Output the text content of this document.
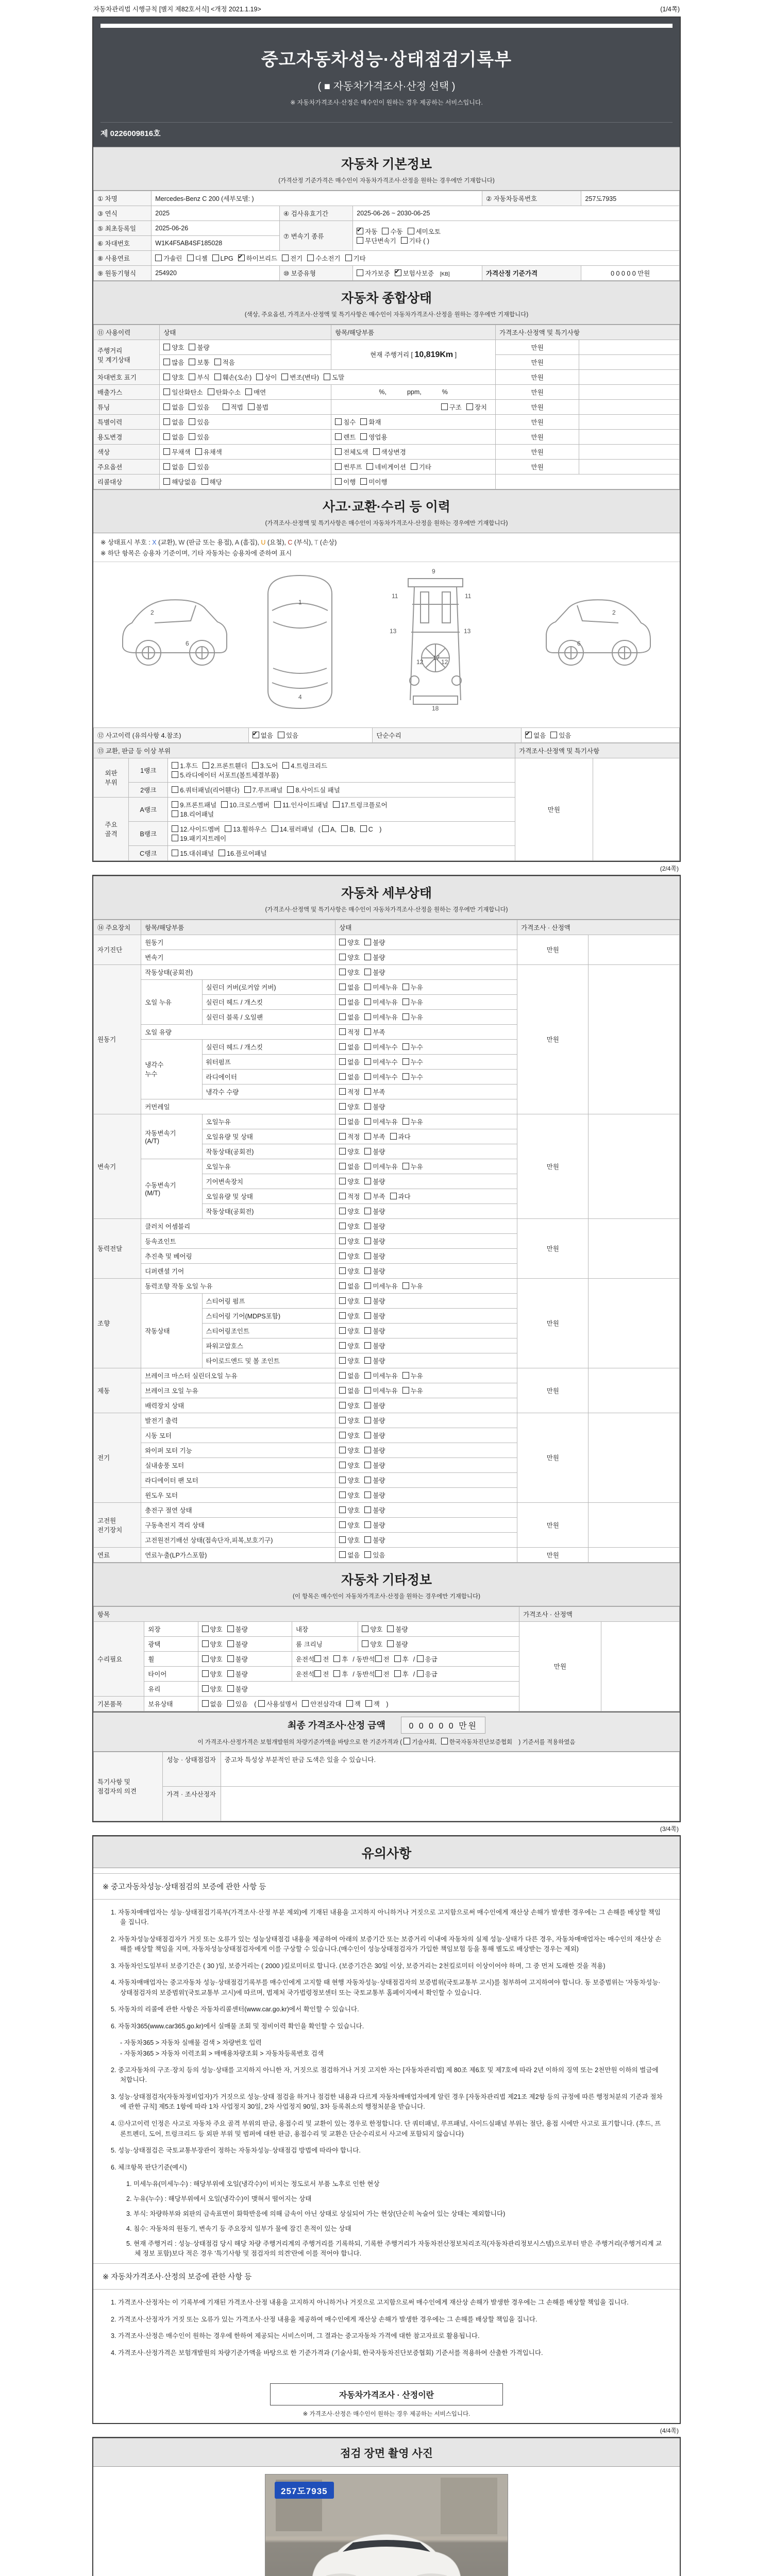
자동차관리법 시행규칙 [별지 제82호서식] <개정 2021.1.19>	(1/4쪽)
중고자동차성능·상태점검기록부
( ■ 자동차가격조사·산정 선택 )
※ 자동차가격조사·산정은 매수인이 원하는 경우 제공하는 서비스입니다.
제 0226009816호
자동차 기본정보
(가격산정 기준가격은 매수인이 자동차가격조사·산정을 원하는 경우에만 기재합니다)
① 차명	Mercedes-Benz C 200 (세부모델: )			② 자동차등록번호	257도7935
③ 연식	2025	④ 검사유효기간	2025-06-26 ~ 2030-06-25		
⑤ 최초등록일	2025-06-26	⑦ 변속기 종류	✔자동 수동 세미오토
무단변속기 기타 ( )
⑥ 차대번호	W1K4F5AB4SF185028				
⑧ 사용연료	가솔린 디젤 LPG ✔ 하이브리드 전기 수소전기 기타
⑨ 원동기형식	254920	⑩ 보증유형	자가보증 ✔ 보험사보증 [KB]	가격산정 기준가격	0 0 0 0 0 만원
자동차 종합상태
(색상, 주요옵션, 가격조사·산정액 및 특기사항은 매수인이 자동차가격조사·산정을 원하는 경우에만 기재합니다)
⑪ 사용이력	상태	항목/해당부품	가격조사·산정액 및 특기사항	
주행거리
및 계기상태	양호 불량	현재 주행거리 [ 10,819Km ]	만원	
	많음 보통 적음		만원	
차대번호 표기	양호 부식 훼손(오손) 상이 변조(변타) 도말		만원	
배출가스	일산화탄소 탄화수소 매연	%, ppm, %	만원	
튜닝	없음 있음 적법 불법	구조 장치	만원	
특별이력	없음 있음	침수 화재	만원	
용도변경	없음 있음	렌트 영업용	만원	
색상	무채색 유채색	전체도색 색상변경	만원	
주요옵션	없음 있음	썬루프 네비게이션 기타	만원	
리콜대상	해당없음 해당	이행 미이행		
사고·교환·수리 등 이력
(가격조사·산정액 및 특기사항은 매수인이 자동차가격조사·산정을 원하는 경우에만 기재합니다)
※ 상태표시 부호 : X (교환), W (판금 또는 용접), A (흠집), U (요철), C (부식), T (손상)
※ 하단 항목은 승용차 기준이며, 기타 자동차는 승용차에 준하여 표시
2
6
1
4
9
11	11
13	13
12	12
17
18
2
6
⑫ 사고이력 (유의사항 4.참조)	✔없음 있음	단순수리	✔없음 있음
⑬ 교환, 판금 등 이상 부위			가격조사·산정액 및 특기사항	
외판
부위	1랭크	1.후드 2.프론트휀더 3.도어 4.트렁크리드
5.라디에이터 서포트(볼트체결부품)	만원	
	2랭크	6.쿼터패널(리어휀다) 7.루프패널 8.사이드실 패널		
주요
골격	A랭크	9.프론트패널 10.크로스멤버 11.인사이드패널 17.트렁크플로어
18.리어패널		
	B랭크	12.사이드멤버 13.휠하우스 14.필러패널 ( A, B, C )
19.패키지트레이		
	C랭크	15.대쉬패널 16.플로어패널		
(2/4쪽)
자동차 세부상태
(가격조사·산정액 및 특기사항은 매수인이 자동차가격조사·산정을 원하는 경우에만 기재합니다)
⑭ 주요장치	항목/해당부품		상태	가격조사 · 산정액	
자기진단	원동기		양호 불량	만원	
	변속기		양호 불량		
원동기	작동상태(공회전)		양호 불량	만원	
	오일 누유	실린더 커버(로커암 커버)	없음 미세누유 누유		
		실린더 헤드 / 개스킷	없음 미세누유 누유		
		실린더 블록 / 오일팬	없음 미세누유 누유		
	오일 유량		적정 부족		
	냉각수
누수	실린더 헤드 / 개스킷	없음 미세누수 누수		
		워터펌프	없음 미세누수 누수		
		라디에이터	없음 미세누수 누수		
		냉각수 수량	적정 부족		
	커먼레일		양호 불량		
변속기	자동변속기
(A/T)	오일누유	없음 미세누유 누유	만원	
		오일유량 및 상태	적정 부족 과다		
		작동상태(공회전)	양호 불량		
	수동변속기
(M/T)	오일누유	없음 미세누유 누유		
		기어변속장치	양호 불량		
		오일유량 및 상태	적정 부족 과다		
		작동상태(공회전)	양호 불량		
동력전달	클러치 어셈블리		양호 불량	만원	
	등속죠인트		양호 불량		
	추진축 및 베어링		양호 불량		
	디퍼렌셜 기어		양호 불량		
조향	동력조향 작동 오일 누유		없음 미세누유 누유	만원	
	작동상태	스티어링 펌프	양호 불량		
		스티어링 기어(MDPS포함)	양호 불량		
		스티어링조인트	양호 불량		
		파워고압호스	양호 불량		
		타이로드엔드 및 볼 조인트	양호 불량		
제동	브레이크 마스터 실린더오일 누유		없음 미세누유 누유	만원	
	브레이크 오일 누유		없음 미세누유 누유		
	배력장치 상태		양호 불량		
전기	발전기 출력		양호 불량	만원	
	시동 모터		양호 불량		
	와이퍼 모터 기능		양호 불량		
	실내송풍 모터		양호 불량		
	라디에이터 팬 모터		양호 불량		
	윈도우 모터		양호 불량		
고전원
전기장치	충전구 절연 상태		양호 불량	만원	
	구동축전지 격리 상태		양호 불량		
	고전원전기배선 상태(접속단자,피복,보호기구)		양호 불량		
연료	연료누출(LP가스포함)		없음 있음	만원	
자동차 기타정보
(이 항목은 매수인이 자동차가격조사·산정을 원하는 경우에만 기재합니다)
항목					가격조사 · 산정액	
수리필요	외장	양호 불량	내장	양호 불량	만원	
	광택	양호 불량	룸 크리닝	양호 불량		
	휠	양호 불량	운전석 전 후 / 동반석 전 후 / 응급			
	타이어	양호 불량	운전석 전 후 / 동반석 전 후 / 응급			
	유리	양호 불량				
기본품목	보유상태	없음 있음 ( 사용설명서 안전삼각대 잭 잭 )				
최종 가격조사·산정 금액	0 0 0 0 0 만원
이 가격조사·산정가격은 보험개발원의 차량기준가액을 바탕으로 한 기준가격과 ( 기술사회, 한국자동차진단보증협회 ) 기준서를 적용하였음
특기사항 및
점검자의 의견	성능 · 상태점검자	중고차 특성상 부분적인 판금 도색은 있을 수 있습니다.
	가격 · 조사산정자	
(3/4쪽)
유의사항
※ 중고자동차성능·상태점검의 보증에 관한 사항 등
1. 자동차매매업자는 성능·상태점검기록부(가격조사·산정 부분 제외)에 기재된 내용을 고지하지 아니하거나 거짓으로 고지함으로써 매수인에게 재산상 손해가 발생한 경우에는 그 손해를 배상할 책임을 집니다.
2. 자동차성능상태점검자가 거짓 또는 오류가 있는 성능상태점검 내용을 제공하여 아래의 보증기간 또는 보증거리 이내에 자동차의 실제 성능·상태가 다른 경우, 자동차매매업자는 매수인의 재산상 손해를 배상할 책임을 지며, 자동차성능상태점검자에게 이를 구상할 수 있습니다.(매수인이 성능상태점검자가 가입한 책임보험 등을 통해 별도로 배상받는 경우는 제외)
3. 자동차인도일부터 보증기간은 ( 30 )일, 보증거리는 ( 2000 )킬로미터로 합니다. (보증기간은 30일 이상, 보증거리는 2천킬로미터 이상이어야 하며, 그 중 먼저 도래한 것을 적용)
4. 자동차매매업자는 중고자동차 성능·상태점검기록부를 매수인에게 고지할 때 현행 자동차성능·상태점검자의 보증범위(국토교통부 고시)를 첨부하여 고지하여야 합니다. 동 보증범위는 '자동차성능·상태점검자의 보증범위'(국토교통부 고시)에 따르며, 법제처 국가법령정보센터 또는 국토교통부 홈페이지에서 확인할 수 있습니다.
5. 자동차의 리콜에 관한 사항은 자동차리콜센터(www.car.go.kr)에서 확인할 수 있습니다.
6. 자동차365(www.car365.go.kr)에서 실매물 조회 및 정비이력 확인을 확인할 수 있습니다.
- 자동차365 > 자동차 실매물 검색 > 차량번호 입력
- 자동차365 > 자동차 이력조회 > 매매용차량조회 > 자동차등록번호 검색
2. 중고자동차의 구조·장치 등의 성능·상태를 고지하지 아니한 자, 거짓으로 점검하거나 거짓 고지한 자는 [자동차관리법] 제 80조 제6호 및 제7호에 따라 2년 이하의 징역 또는 2천만원 이하의 벌금에 처합니다.
3. 성능·상태점검자(자동차정비업자)가 거짓으로 성능·상태 점검을 하거나 점검한 내용과 다르게 자동차매매업자에게 알린 경우 [자동차관리법 제21조 제2항 등의 규정에 따른 행정처분의 기준과 절차에 관한 규칙] 제5조 1항에 따라 1차 사업정지 30일, 2차 사업정지 90일, 3차 등록취소의 행정처분을 받습니다.
4. ⑫사고이력 인정은 사고로 자동차 주요 골격 부위의 판금, 용접수리 및 교환이 있는 경우로 한정합니다. 단 쿼터패널, 루프패널, 사이드실패널 부위는 절단, 용접 시에만 사고로 표기합니다. (후드, 프론트펜더, 도어, 트렁크리드 등 외판 부위 및 범퍼에 대한 판금, 용접수리 및 교환은 단순수리로서 사고에 포함되지 않습니다)
5. 성능·상태점검은 국토교통부장관이 정하는 자동차성능·상태점검 방법에 따라야 합니다.
6. 체크항목 판단기준(예시)
1. 미세누유(미세누수) : 해당부위에 오일(냉각수)이 비치는 정도로서 부품 노후로 인한 현상
2. 누유(누수) : 해당부위에서 오일(냉각수)이 맺혀서 떨어지는 상태
3. 부식: 차량하부와 외판의 금속표면이 화학반응에 의해 금속이 아닌 상태로 상실되어 가는 현상(단순히 녹슬어 있는 상태는 제외합니다)
4. 침수: 자동차의 원동기, 변속기 등 주요장치 일부가 물에 잠긴 흔적이 있는 상태
5. 현재 주행거리 : 성능·상태점검 당시 해당 차량 주행거리계의 주행거리를 기록하되, 기록한 주행거리가 자동차전산정보처리조직(자동차관리정보시스템)으로부터 받은 주행거리(주행거리계 교체 정보 포함)보다 적은 경우 '특기사항 및 점검자의 의견'란에 이를 적어야 합니다.
※ 자동차가격조사·산정의 보증에 관한 사항 등
1. 가격조사·산정자는 이 기록부에 기재된 가격조사·산정 내용을 고지하지 아니하거나 거짓으로 고지함으로써 매수인에게 재산상 손해가 발생한 경우에는 그 손해를 배상할 책임을 집니다.
2. 가격조사·산정자가 거짓 또는 오류가 있는 가격조사·산정 내용을 제공하여 매수인에게 재산상 손해가 발생한 경우에는 그 손해를 배상할 책임을 집니다.
3. 가격조사·산정은 매수인이 원하는 경우에 한하여 제공되는 서비스이며, 그 결과는 중고자동차 가격에 대한 참고자료로 활용됩니다.
4. 가격조사·산정가격은 보험개발원의 차량기준가액을 바탕으로 한 기준가격과 (기술사회, 한국자동차진단보증협회) 기준서를 적용하여 산출한 가격입니다.
자동차가격조사 · 산정이란
※ 가격조사·산정은 매수인이 원하는 경우 제공하는 서비스입니다.
(4/4쪽)
점검 장면 촬영 사진
257도7935
